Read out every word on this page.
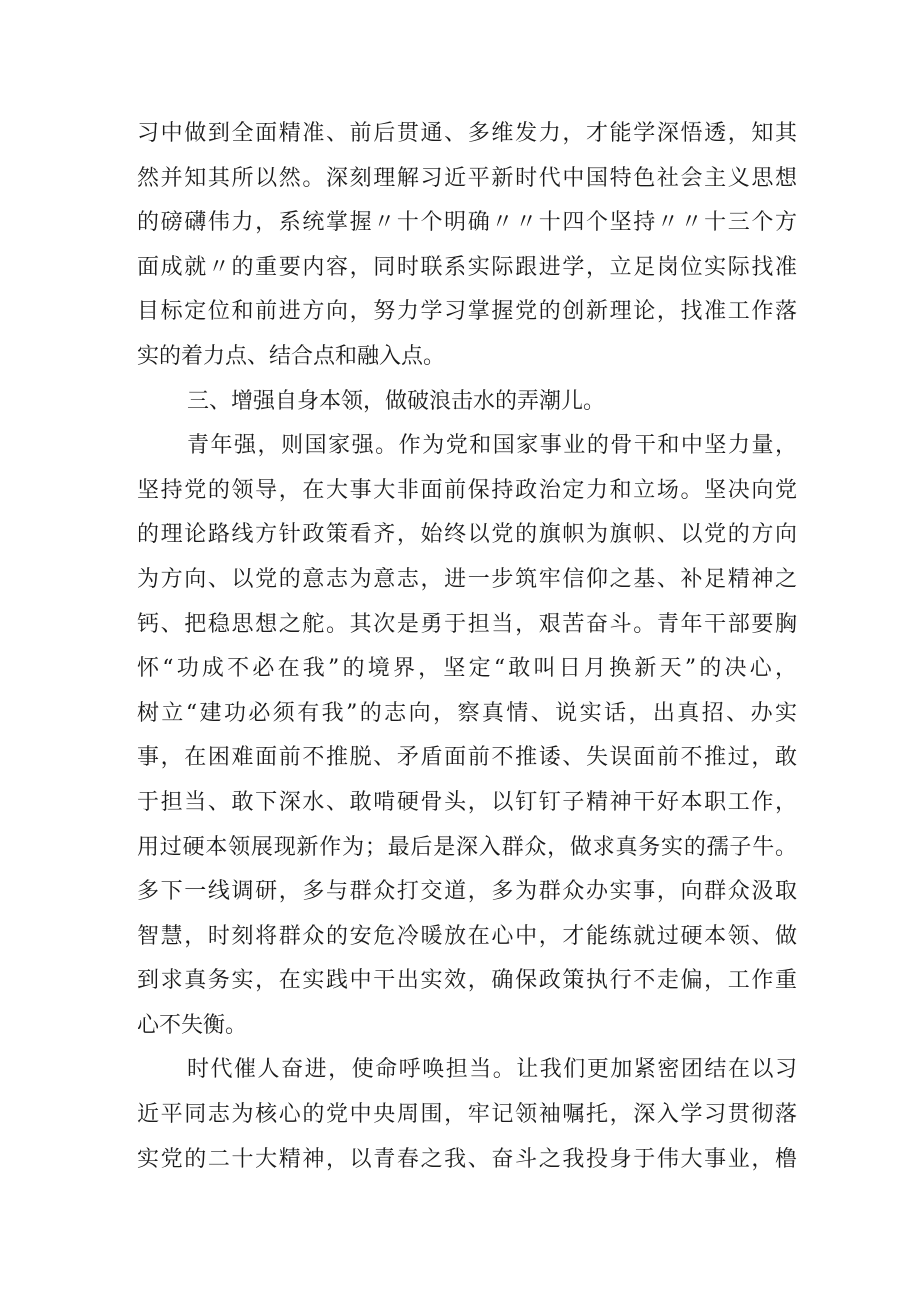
习中做到全面精准、前后贯通、多维发力，才能学深悟透，知其
然并知其所以然。深刻理解习近平新时代中国特色社会主义思想
的磅礴伟力，系统掌握〃十个明确〃〃十四个坚持〃〃十三个方
面成就〃的重要内容，同时联系实际跟进学，立足岗位实际找准
目标定位和前进方向，努力学习掌握党的创新理论，找准工作落
实的着力点、结合点和融入点。
三、增强自身本领，做破浪击水的弄潮儿。
青年强，则国家强。作为党和国家事业的骨干和中坚力量，
坚持党的领导，在大事大非面前保持政治定力和立场。坚决向党
的理论路线方针政策看齐，始终以党的旗帜为旗帜、以党的方向
为方向、以党的意志为意志，进一步筑牢信仰之基、补足精神之
钙、把稳思想之舵。其次是勇于担当，艰苦奋斗。青年干部要胸
怀“功成不必在我”的境界，坚定“敢叫日月换新天”的决心，
树立“建功必须有我”的志向，察真情、说实话，出真招、办实
事，在困难面前不推脱、矛盾面前不推诿、失误面前不推过，敢
于担当、敢下深水、敢啃硬骨头，以钉钉子精神干好本职工作，
用过硬本领展现新作为；最后是深入群众，做求真务实的孺子牛。
多下一线调研，多与群众打交道，多为群众办实事，向群众汲取
智慧，时刻将群众的安危冷暖放在心中，才能练就过硬本领、做
到求真务实，在实践中干出实效，确保政策执行不走偏，工作重
心不失衡。
时代催人奋进，使命呼唤担当。让我们更加紧密团结在以习
近平同志为核心的党中央周围，牢记领袖嘱托，深入学习贯彻落
实党的二十大精神，以青春之我、奋斗之我投身于伟大事业，橹
